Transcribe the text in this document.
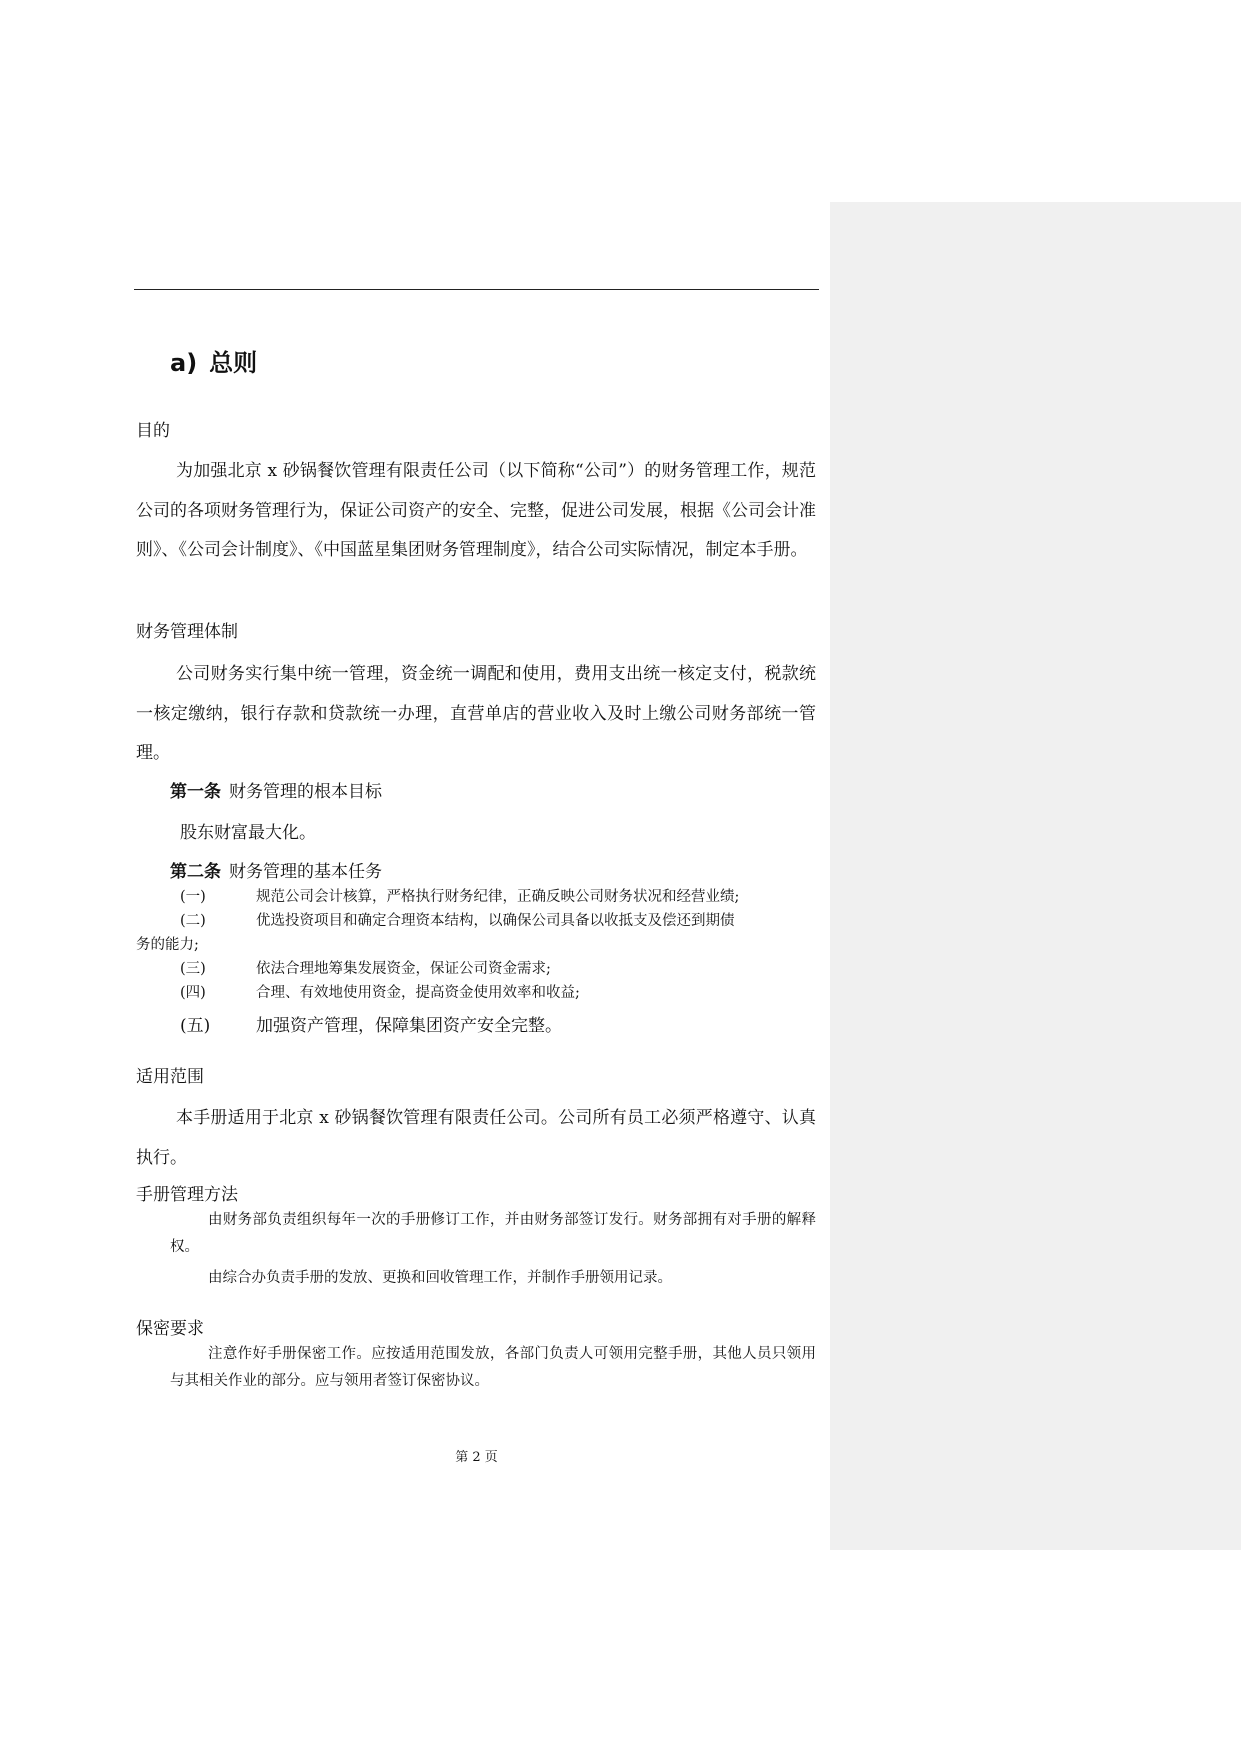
a) 总则

目的

为加强北京 x 砂锅餐饮管理有限责任公司（以下简称“公司”）的财务管理工作，规范公司的各项财务管理行为，保证公司资产的安全、完整，促进公司发展，根据《公司会计准则》、《公司会计制度》、《中国蓝星集团财务管理制度》，结合公司实际情况，制定本手册。

财务管理体制

公司财务实行集中统一管理，资金统一调配和使用，费用支出统一核定支付，税款统一核定缴纳，银行存款和贷款统一办理，直营单店的营业收入及时上缴公司财务部统一管理。

第一条 财务管理的根本目标

股东财富最大化。

第二条 财务管理的基本任务

(一)	规范公司会计核算，严格执行财务纪律，正确反映公司财务状况和经营业绩;
(二)	优选投资项目和确定合理资本结构，以确保公司具备以收抵支及偿还到期债
务的能力;
(三)	依法合理地筹集发展资金，保证公司资金需求;
(四)	合理、有效地使用资金，提高资金使用效率和收益;
(五)	加强资产管理，保障集团资产安全完整。

适用范围

本手册适用于北京 x 砂锅餐饮管理有限责任公司。公司所有员工必须严格遵守、认真执行。

手册管理方法

由财务部负责组织每年一次的手册修订工作，并由财务部签订发行。财务部拥有对手册的解释权。

由综合办负责手册的发放、更换和回收管理工作，并制作手册领用记录。

保密要求

注意作好手册保密工作。应按适用范围发放，各部门负责人可领用完整手册，其他人员只领用与其相关作业的部分。应与领用者签订保密协议。

第 2 页
